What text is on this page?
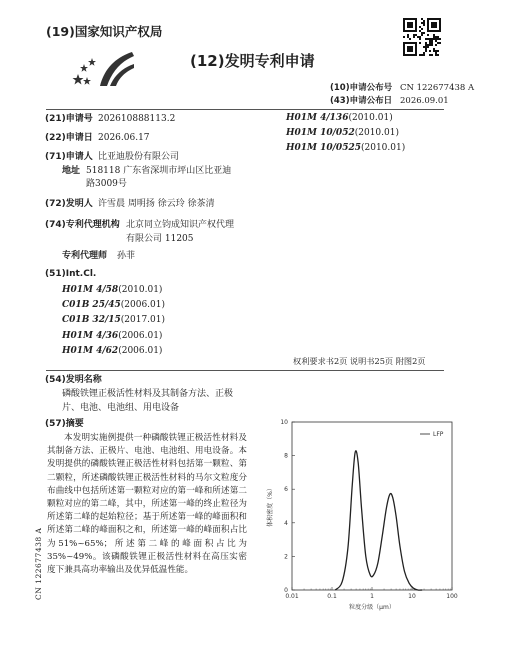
(19)国家知识产权局
(12)发明专利申请
(10)申请公布号 CN 122677438 A
(43)申请公布日 2026.09.01
(21)申请号 202610888113.2
(22)申请日 2026.06.17
(71)申请人 比亚迪股份有限公司
地址 518118 广东省深圳市坪山区比亚迪
路3009号
(72)发明人 许雪晨 周明扬 徐云玲 徐茶清
(74)专利代理机构 北京同立钧成知识产权代理
有限公司 11205
专利代理师 孙菲
(51)Int.Cl.
H01M 4/58(2010.01)
C01B 25/45(2006.01)
C01B 32/15(2017.01)
H01M 4/36(2006.01)
H01M 4/62(2006.01)
H01M 4/136(2010.01)
H01M 10/052(2010.01)
H01M 10/0525(2010.01)
权利要求书2页 说明书25页 附图2页
(54)发明名称
磷酸铁锂正极活性材料及其制备方法、正极
片、电池、电池组、用电设备
(57)摘要
本发明实施例提供一种磷酸铁锂正极活性材料及其制备方法、正极片、电池、电池组、用电设备。本发明提供的磷酸铁锂正极活性材料包括第一颗粒、第二颗粒，所述磷酸铁锂正极活性材料的马尔文粒度分布曲线中包括所述第一颗粒对应的第一峰和所述第二颗粒对应的第二峰，其中，所述第一峰的终止粒径为所述第二峰的起始粒径；基于所述第一峰的峰面积和所述第二峰的峰面积之和，所述第一峰的峰面积占比为51%~65%；所述第二峰的峰面积占比为35%~49%。该磷酸铁锂正极活性材料在高压实密度下兼具高功率输出及优异低温性能。
0.01	0.1	1	10	100
0
2
4
6
8
10
粒度分级（μm）
体积密度（%）
LFP
CN 122677438 A
